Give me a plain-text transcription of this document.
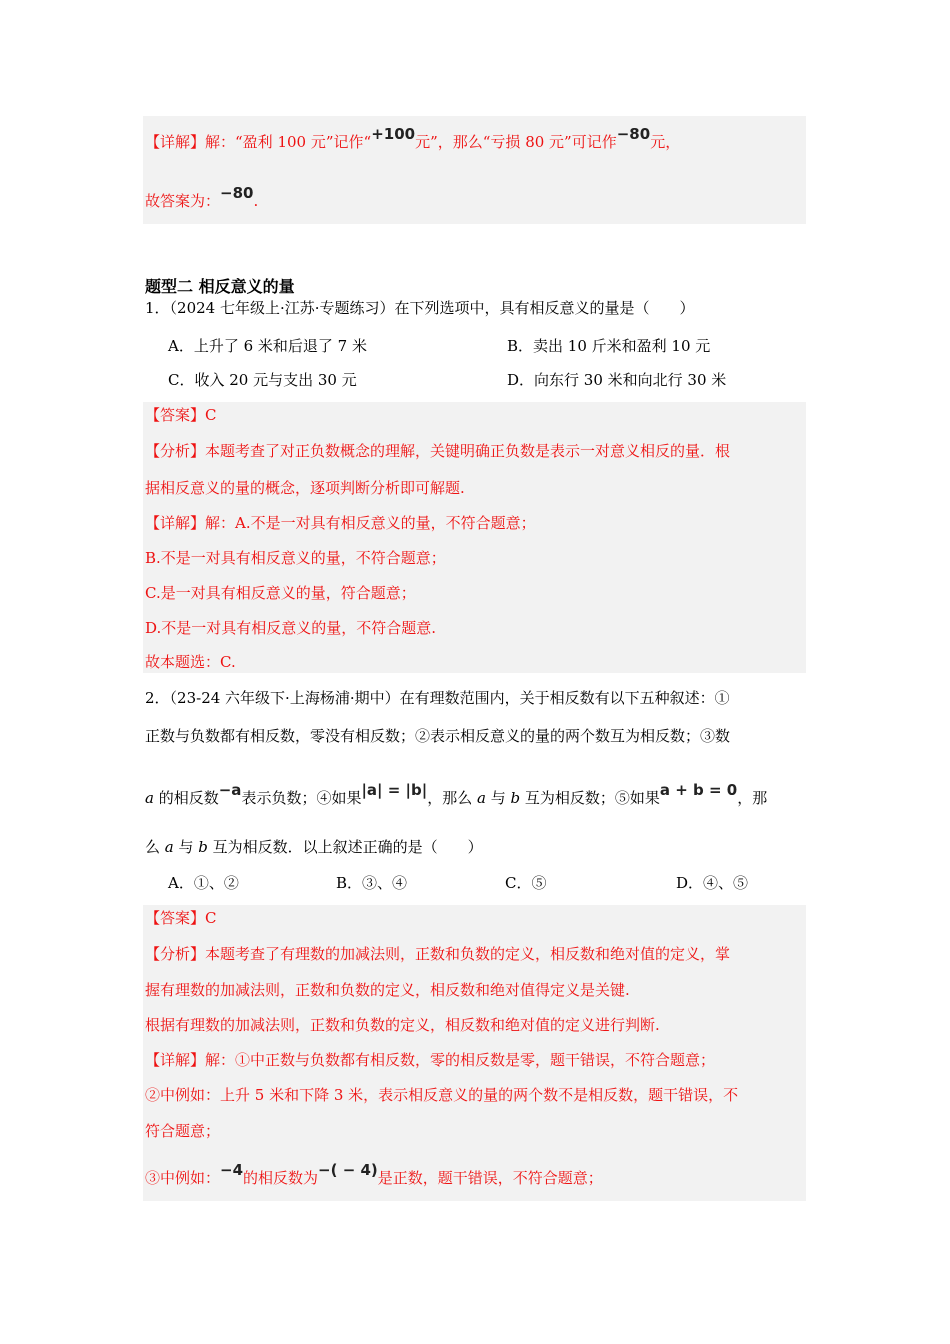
【详解】解：“盈利 100 元”记作“+100元”，那么“亏损 80 元”可记作−80元，
故答案为：−80.
题型二 相反意义的量
1．（2024 七年级上·江苏·专题练习）在下列选项中，具有相反意义的量是（　　）
A．上升了 6 米和后退了 7 米	B．卖出 10 斤米和盈利 10 元
C．收入 20 元与支出 30 元	D．向东行 30 米和向北行 30 米
【答案】C
【分析】本题考查了对正负数概念的理解，关键明确正负数是表示一对意义相反的量．根
据相反意义的量的概念，逐项判断分析即可解题.
【详解】解：A.不是一对具有相反意义的量，不符合题意；
B.不是一对具有相反意义的量，不符合题意；
C.是一对具有相反意义的量，符合题意；
D.不是一对具有相反意义的量，不符合题意.
故本题选：C.
2．（23-24 六年级下·上海杨浦·期中）在有理数范围内，关于相反数有以下五种叙述：①
正数与负数都有相反数，零没有相反数；②表示相反意义的量的两个数互为相反数；③数
a 的相反数−a表示负数；④如果|a| = |b|，那么 a 与 b 互为相反数；⑤如果a + b = 0，那
么 a 与 b 互为相反数．以上叙述正确的是（　　）
A．①、②	B．③、④	C．⑤	D．④、⑤
【答案】C
【分析】本题考查了有理数的加减法则，正数和负数的定义，相反数和绝对值的定义，掌
握有理数的加减法则，正数和负数的定义，相反数和绝对值得定义是关键.
根据有理数的加减法则，正数和负数的定义，相反数和绝对值的定义进行判断.
【详解】解：①中正数与负数都有相反数，零的相反数是零，题干错误，不符合题意；
②中例如：上升 5 米和下降 3 米，表示相反意义的量的两个数不是相反数，题干错误，不
符合题意；
③中例如：−4的相反数为−( − 4)是正数，题干错误，不符合题意；
